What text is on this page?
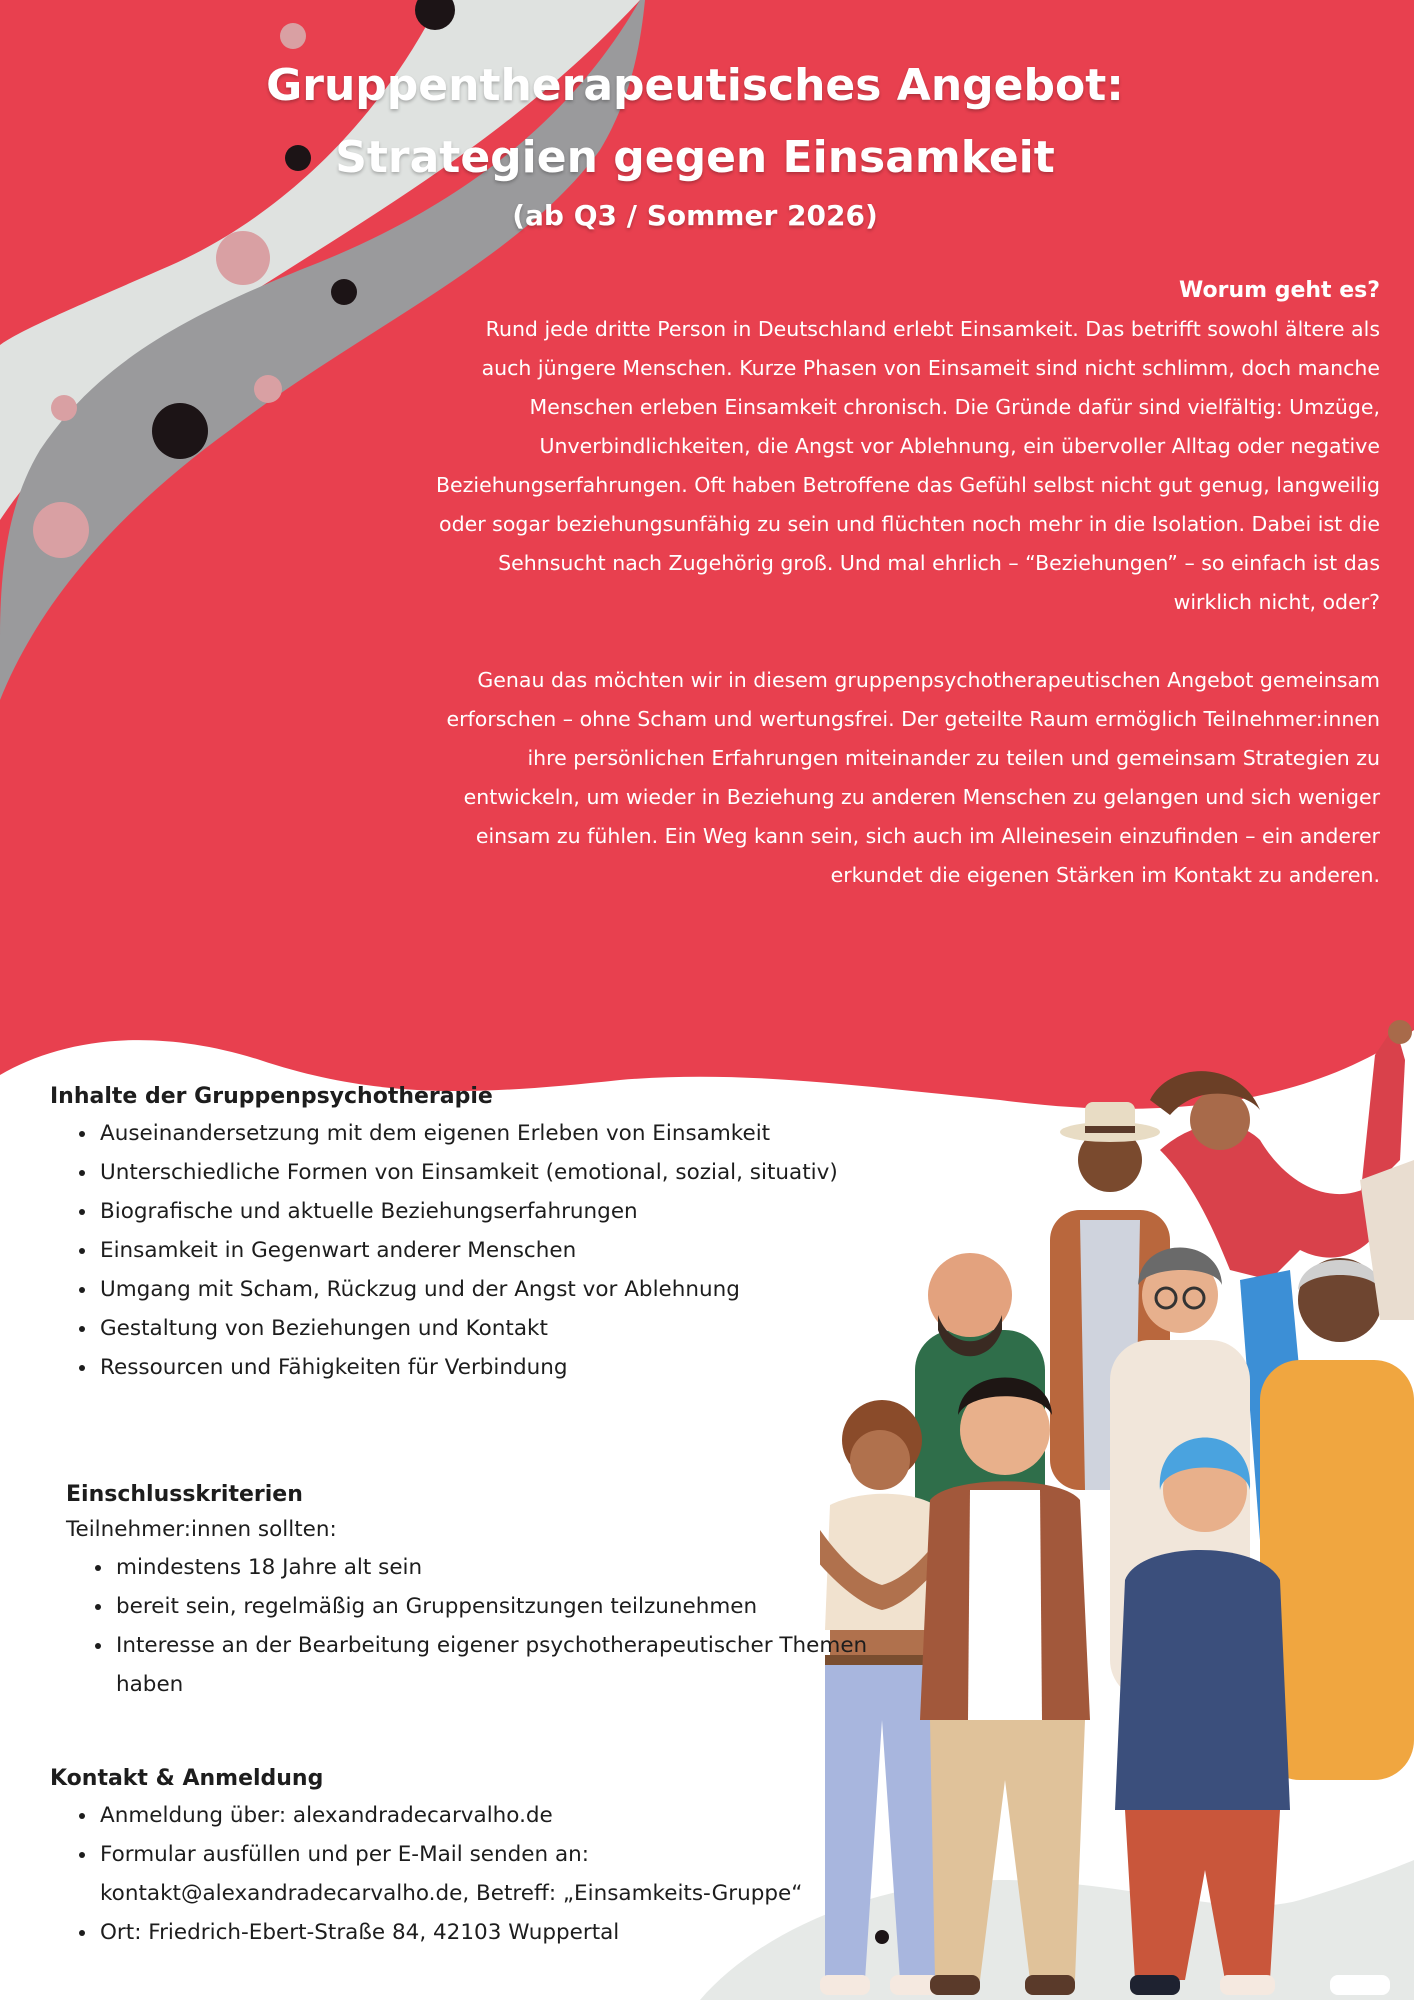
Gruppentherapeutisches Angebot:
Strategien gegen Einsamkeit
(ab Q3 / Sommer 2026)
Worum geht es?

Rund jede dritte Person in Deutschland erlebt Einsamkeit. Das betrifft sowohl ältere als auch jüngere Menschen. Kurze Phasen von Einsameit sind nicht schlimm, doch manche Menschen erleben Einsamkeit chronisch. Die Gründe dafür sind vielfältig: Umzüge, Unverbindlichkeiten, die Angst vor Ablehnung, ein übervoller Alltag oder negative Beziehungserfahrungen. Oft haben Betroffene das Gefühl selbst nicht gut genug, langweilig oder sogar beziehungsunfähig zu sein und flüchten noch mehr in die Isolation. Dabei ist die Sehnsucht nach Zugehörig groß. Und mal ehrlich – “Beziehungen” – so einfach ist das wirklich nicht, oder?

Genau das möchten wir in diesem gruppenpsychotherapeutischen Angebot gemeinsam erforschen – ohne Scham und wertungsfrei. Der geteilte Raum ermöglich Teilnehmer:innen ihre persönlichen Erfahrungen miteinander zu teilen und gemeinsam Strategien zu entwickeln, um wieder in Beziehung zu anderen Menschen zu gelangen und sich weniger einsam zu fühlen. Ein Weg kann sein, sich auch im Alleinesein einzufinden – ein anderer erkundet die eigenen Stärken im Kontakt zu anderen.

Inhalte der Gruppenpsychotherapie
• Auseinandersetzung mit dem eigenen Erleben von Einsamkeit
• Unterschiedliche Formen von Einsamkeit (emotional, sozial, situativ)
• Biografische und aktuelle Beziehungserfahrungen
• Einsamkeit in Gegenwart anderer Menschen
• Umgang mit Scham, Rückzug und der Angst vor Ablehnung
• Gestaltung von Beziehungen und Kontakt
• Ressourcen und Fähigkeiten für Verbindung
Einschlusskriterien
Teilnehmer:innen sollten:
• mindestens 18 Jahre alt sein
• bereit sein, regelmäßig an Gruppensitzungen teilzunehmen
• Interesse an der Bearbeitung eigener psychotherapeutischer Themen haben
Kontakt & Anmeldung
• Anmeldung über: alexandradecarvalho.de
• Formular ausfüllen und per E-Mail senden an: kontakt@alexandradecarvalho.de, Betreff: „Einsamkeits-Gruppe“
• Ort: Friedrich-Ebert-Straße 84, 42103 Wuppertal
